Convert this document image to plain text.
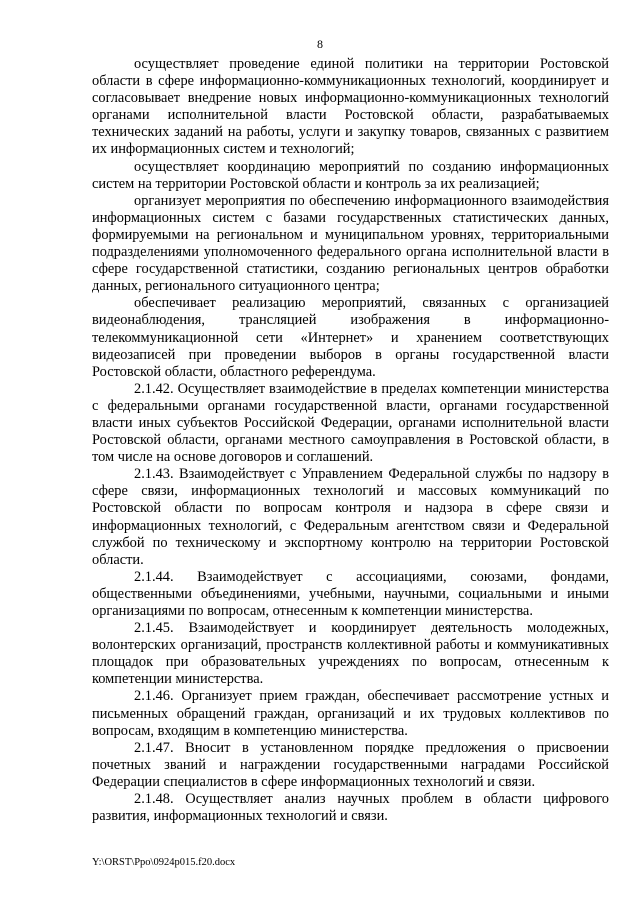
8

осуществляет проведение единой политики на территории Ростовской области в сфере информационно-коммуникационных технологий, координирует и согласовывает внедрение новых информационно-коммуникационных технологий органами исполнительной власти Ростовской области, разрабатываемых технических заданий на работы, услуги и закупку товаров, связанных с развитием их информационных систем и технологий;

осуществляет координацию мероприятий по созданию информационных систем на территории Ростовской области и контроль за их реализацией;

организует мероприятия по обеспечению информационного взаимодействия информационных систем с базами государственных статистических данных, формируемыми на региональном и муниципальном уровнях, территориальными подразделениями уполномоченного федерального органа исполнительной власти в сфере государственной статистики, созданию региональных центров обработки данных, регионального ситуационного центра;

обеспечивает реализацию мероприятий, связанных с организацией видеонаблюдения, трансляцией изображения в информационно-телекоммуникационной сети «Интернет» и хранением соответствующих видеозаписей при проведении выборов в органы государственной власти Ростовской области, областного референдума.

2.1.42. Осуществляет взаимодействие в пределах компетенции министерства с федеральными органами государственной власти, органами государственной власти иных субъектов Российской Федерации, органами исполнительной власти Ростовской области, органами местного самоуправления в Ростовской области, в том числе на основе договоров и соглашений.

2.1.43. Взаимодействует с Управлением Федеральной службы по надзору в сфере связи, информационных технологий и массовых коммуникаций по Ростовской области по вопросам контроля и надзора в сфере связи и информационных технологий, с Федеральным агентством связи и Федеральной службой по техническому и экспортному контролю на территории Ростовской области.

2.1.44. Взаимодействует с ассоциациями, союзами, фондами, общественными объединениями, учебными, научными, социальными и иными организациями по вопросам, отнесенным к компетенции министерства.

2.1.45. Взаимодействует и координирует деятельность молодежных, волонтерских организаций, пространств коллективной работы и коммуникативных площадок при образовательных учреждениях по вопросам, отнесенным к компетенции министерства.

2.1.46. Организует прием граждан, обеспечивает рассмотрение устных и письменных обращений граждан, организаций и их трудовых коллективов по вопросам, входящим в компетенцию министерства.

2.1.47. Вносит в установленном порядке предложения о присвоении почетных званий и награждении государственными наградами Российской Федерации специалистов в сфере информационных технологий и связи.

2.1.48. Осуществляет анализ научных проблем в области цифрового развития, информационных технологий и связи.

Y:\ORST\Ppo\0924p015.f20.docx
